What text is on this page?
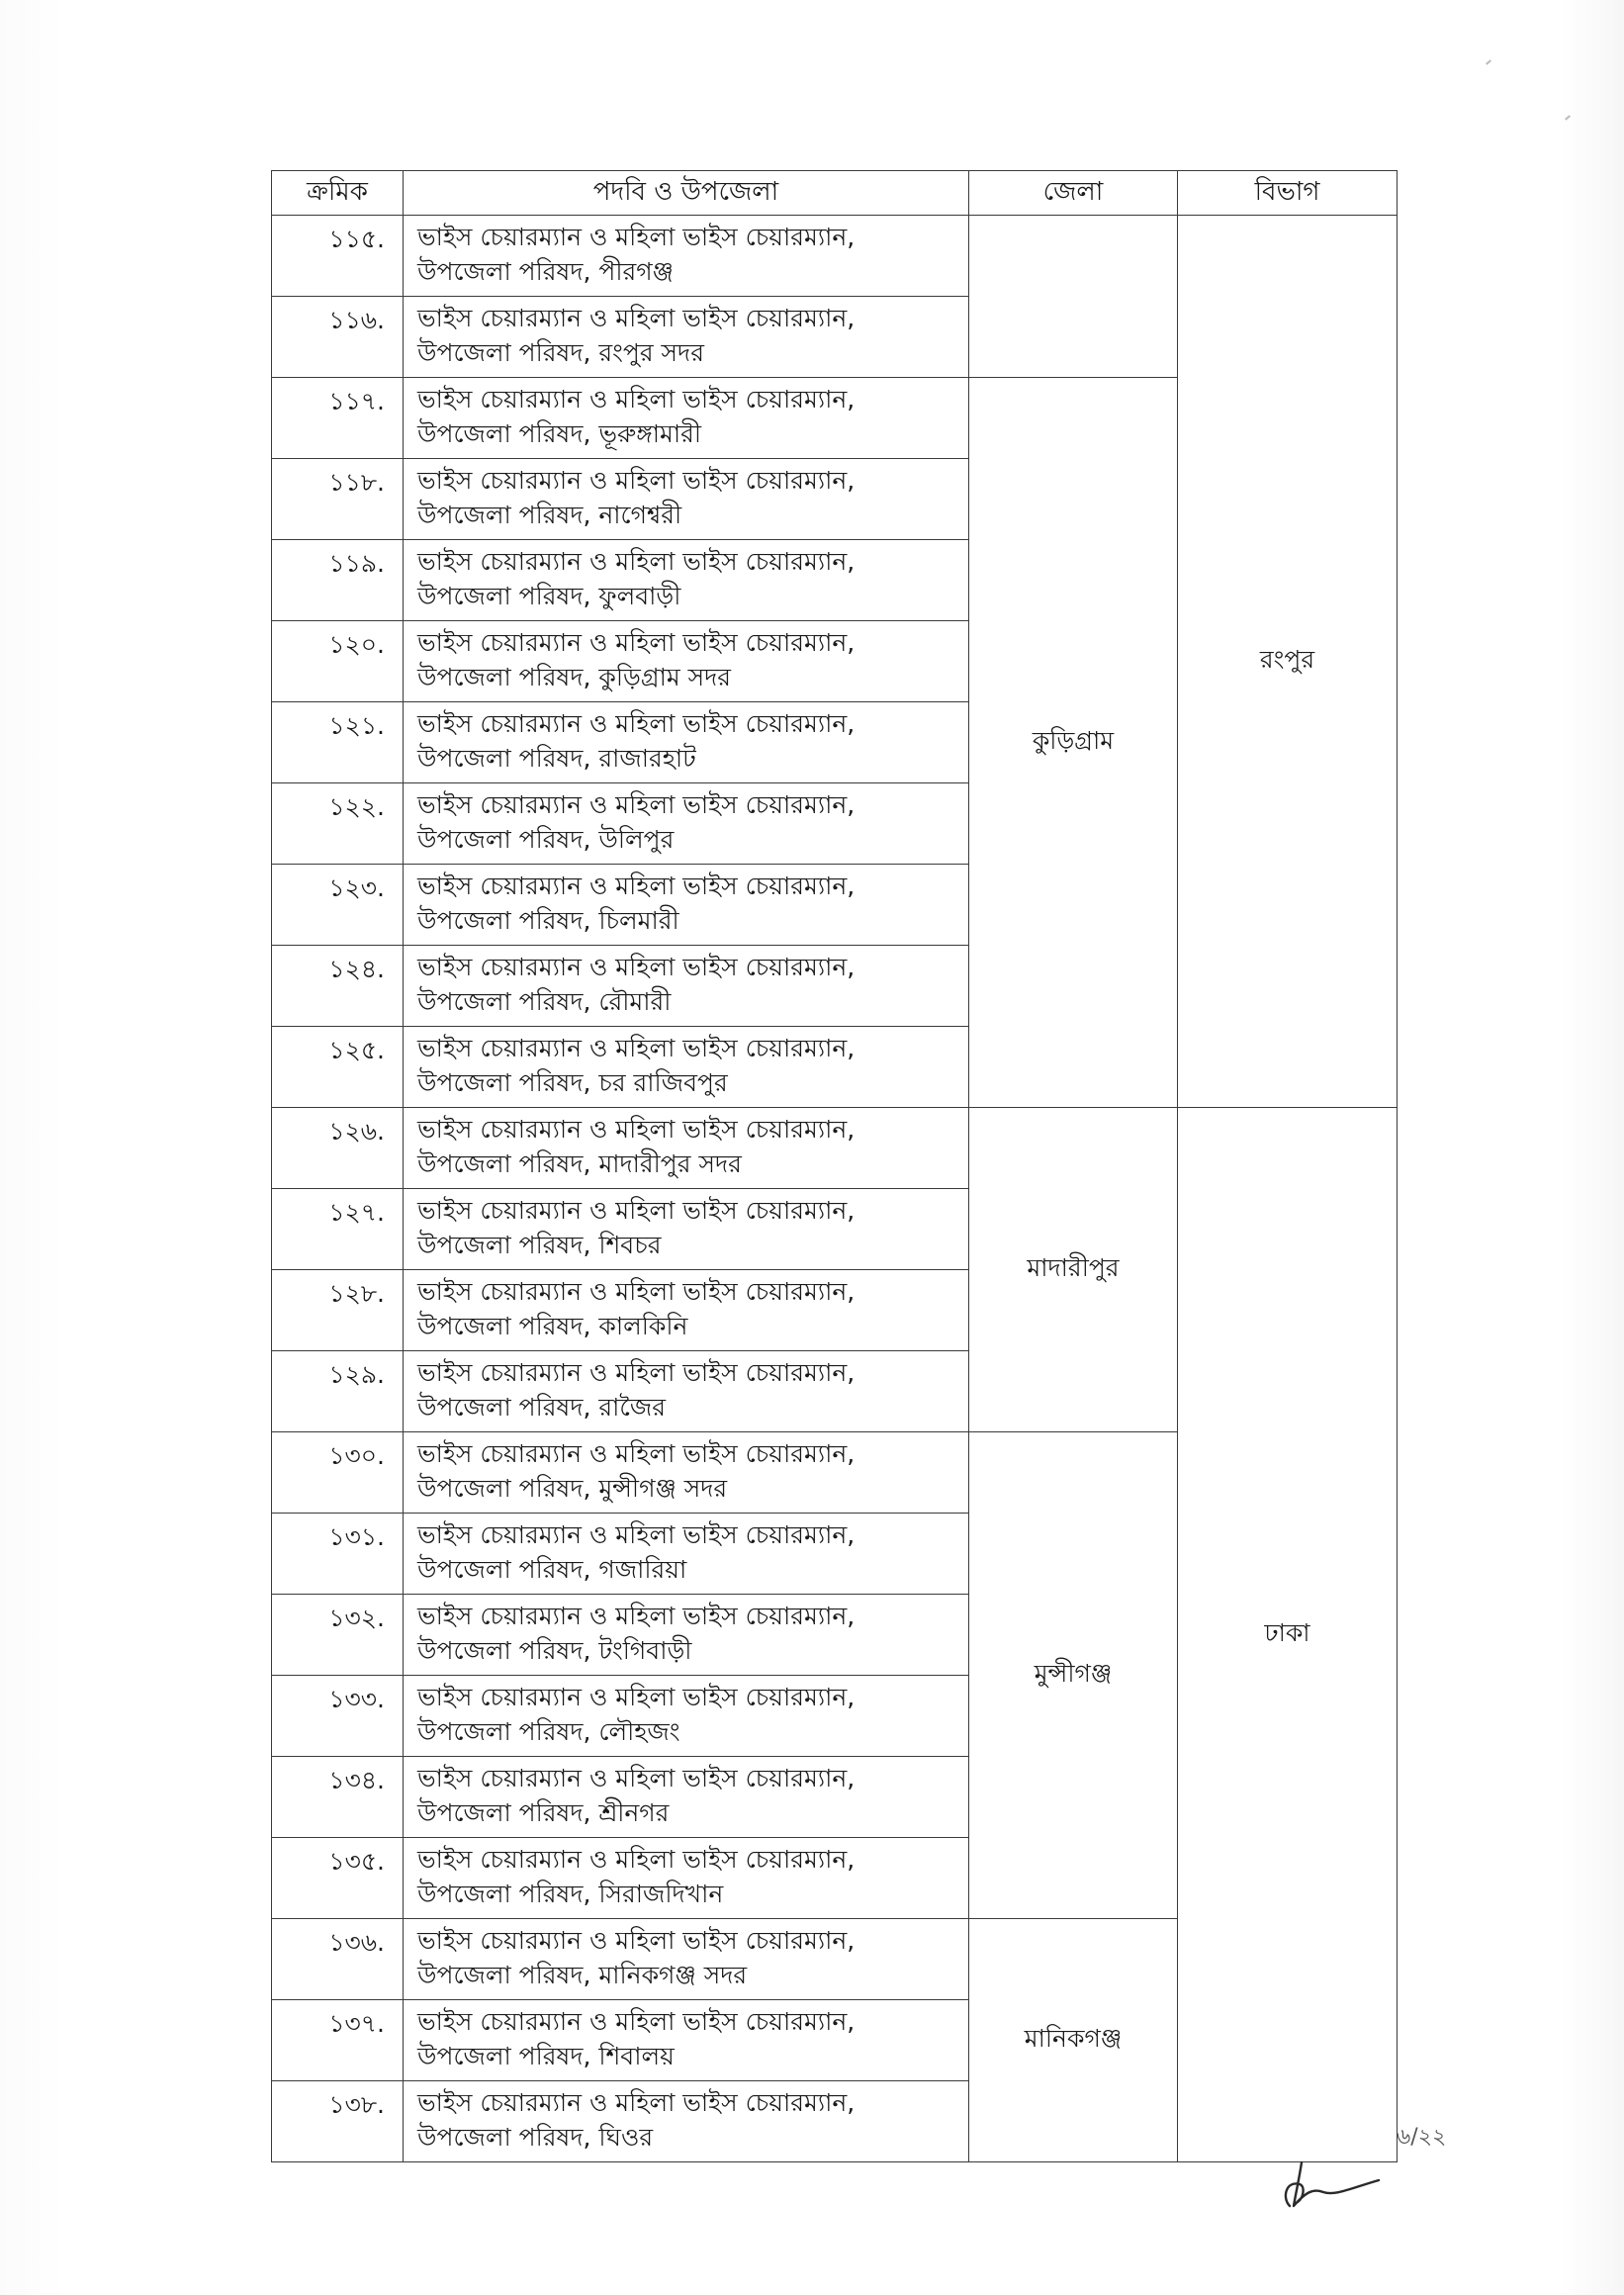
ক্রমিক	পদবি ও উপজেলা	জেলা	বিভাগ
১১৫.	ভাইস চেয়ারম্যান ও মহিলা ভাইস চেয়ারম্যান,
উপজেলা পরিষদ, পীরগঞ্জ		রংপুর
১১৬.	ভাইস চেয়ারম্যান ও মহিলা ভাইস চেয়ারম্যান,
উপজেলা পরিষদ, রংপুর সদর		

১১৭.	ভাইস চেয়ারম্যান ও মহিলা ভাইস চেয়ারম্যান,
উপজেলা পরিষদ, ভূরুঙ্গামারী	কুড়িগ্রাম	
১১৮.	ভাইস চেয়ারম্যান ও মহিলা ভাইস চেয়ারম্যান,
উপজেলা পরিষদ, নাগেশ্বরী		

১১৯.	ভাইস চেয়ারম্যান ও মহিলা ভাইস চেয়ারম্যান,
উপজেলা পরিষদ, ফুলবাড়ী		

১২০.	ভাইস চেয়ারম্যান ও মহিলা ভাইস চেয়ারম্যান,
উপজেলা পরিষদ, কুড়িগ্রাম সদর		

১২১.	ভাইস চেয়ারম্যান ও মহিলা ভাইস চেয়ারম্যান,
উপজেলা পরিষদ, রাজারহাট		

১২২.	ভাইস চেয়ারম্যান ও মহিলা ভাইস চেয়ারম্যান,
উপজেলা পরিষদ, উলিপুর		

১২৩.	ভাইস চেয়ারম্যান ও মহিলা ভাইস চেয়ারম্যান,
উপজেলা পরিষদ, চিলমারী		

১২৪.	ভাইস চেয়ারম্যান ও মহিলা ভাইস চেয়ারম্যান,
উপজেলা পরিষদ, রৌমারী		

১২৫.	ভাইস চেয়ারম্যান ও মহিলা ভাইস চেয়ারম্যান,
উপজেলা পরিষদ, চর রাজিবপুর		

১২৬.	ভাইস চেয়ারম্যান ও মহিলা ভাইস চেয়ারম্যান,
উপজেলা পরিষদ, মাদারীপুর সদর	মাদারীপুর	ঢাকা
১২৭.	ভাইস চেয়ারম্যান ও মহিলা ভাইস চেয়ারম্যান,
উপজেলা পরিষদ, শিবচর		

১২৮.	ভাইস চেয়ারম্যান ও মহিলা ভাইস চেয়ারম্যান,
উপজেলা পরিষদ, কালকিনি		

১২৯.	ভাইস চেয়ারম্যান ও মহিলা ভাইস চেয়ারম্যান,
উপজেলা পরিষদ, রাজৈর		

১৩০.	ভাইস চেয়ারম্যান ও মহিলা ভাইস চেয়ারম্যান,
উপজেলা পরিষদ, মুন্সীগঞ্জ সদর	মুন্সীগঞ্জ	
১৩১.	ভাইস চেয়ারম্যান ও মহিলা ভাইস চেয়ারম্যান,
উপজেলা পরিষদ, গজারিয়া		

১৩২.	ভাইস চেয়ারম্যান ও মহিলা ভাইস চেয়ারম্যান,
উপজেলা পরিষদ, টংগিবাড়ী		

১৩৩.	ভাইস চেয়ারম্যান ও মহিলা ভাইস চেয়ারম্যান,
উপজেলা পরিষদ, লৌহজং		

১৩৪.	ভাইস চেয়ারম্যান ও মহিলা ভাইস চেয়ারম্যান,
উপজেলা পরিষদ, শ্রীনগর		

১৩৫.	ভাইস চেয়ারম্যান ও মহিলা ভাইস চেয়ারম্যান,
উপজেলা পরিষদ, সিরাজদিখান		

১৩৬.	ভাইস চেয়ারম্যান ও মহিলা ভাইস চেয়ারম্যান,
উপজেলা পরিষদ, মানিকগঞ্জ সদর	মানিকগঞ্জ	
১৩৭.	ভাইস চেয়ারম্যান ও মহিলা ভাইস চেয়ারম্যান,
উপজেলা পরিষদ, শিবালয়		

১৩৮.	ভাইস চেয়ারম্যান ও মহিলা ভাইস চেয়ারম্যান,
উপজেলা পরিষদ, ঘিওর			৬/২২
